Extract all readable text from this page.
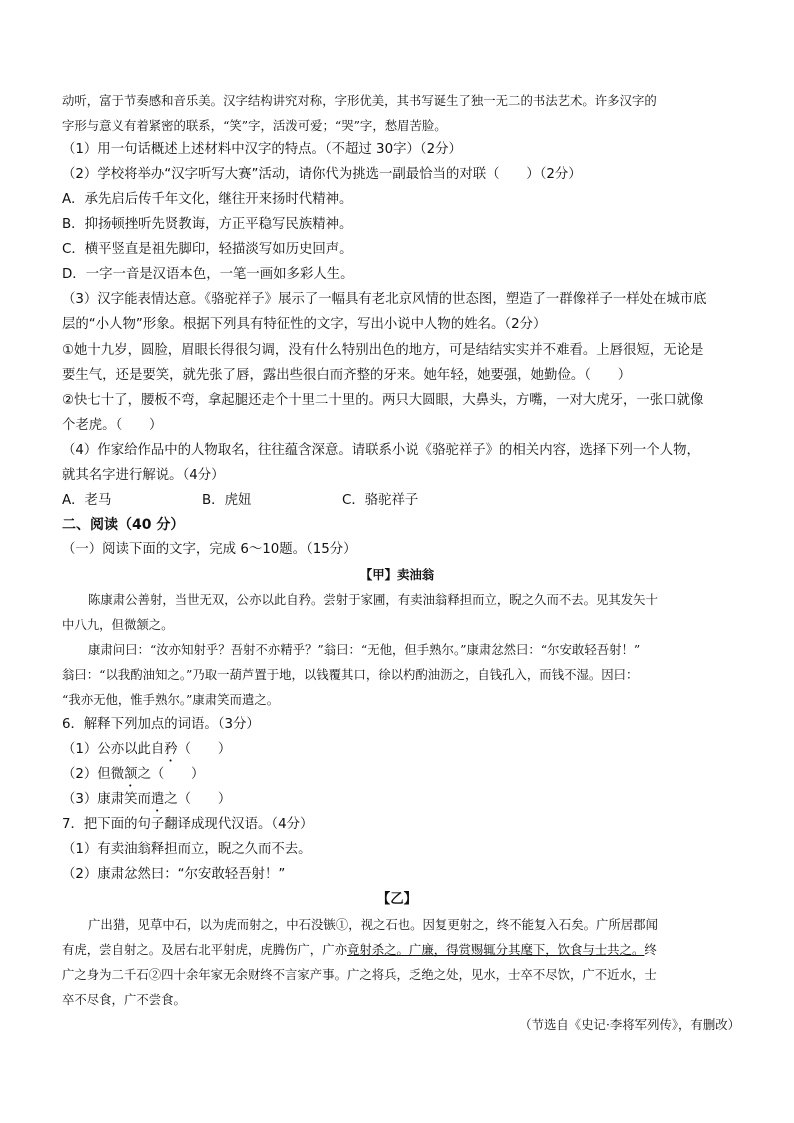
动听，富于节奏感和音乐美。汉字结构讲究对称，字形优美，其书写诞生了独一无二的书法艺术。许多汉字的
字形与意义有着紧密的联系，“笑”字，活泼可爱；“哭”字，愁眉苦脸。
（1）用一句话概述上述材料中汉字的特点。（不超过 30字）（2分）
（2）学校将举办“汉字听写大赛”活动，请你代为挑选一副最恰当的对联（　　）（2分）
A．承先启后传千年文化，继往开来扬时代精神。
B．抑扬顿挫听先贤教诲，方正平稳写民族精神。
C．横平竖直是祖先脚印，轻描淡写如历史回声。
D．一字一音是汉语本色，一笔一画如多彩人生。
（3）汉字能表情达意。《骆驼祥子》展示了一幅具有老北京风情的世态图，塑造了一群像祥子一样处在城市底
层的“小人物”形象。根据下列具有特征性的文字，写出小说中人物的姓名。（2分）
①她十九岁，圆脸，眉眼长得很匀调，没有什么特别出色的地方，可是结结实实并不难看。上唇很短，无论是
要生气，还是要笑，就先张了唇，露出些很白而齐整的牙来。她年轻，她要强，她勤俭。（　　）
②快七十了，腰板不弯，拿起腿还走个十里二十里的。两只大圆眼，大鼻头，方嘴，一对大虎牙，一张口就像
个老虎。（　　）
（4）作家给作品中的人物取名，往往蕴含深意。请联系小说《骆驼祥子》的相关内容，选择下列一个人物，
就其名字进行解说。（4分）
A．老马	B．虎妞	C．骆驼祥子
二、阅读（40 分）
（一）阅读下面的文字，完成 6～10题。（15分）
【甲】卖油翁
陈康肃公善射，当世无双，公亦以此自矜。尝射于家圃，有卖油翁释担而立，睨之久而不去。见其发矢十
中八九，但微颔之。
康肃问曰：“汝亦知射乎？吾射不亦精乎？”翁曰：“无他，但手熟尔。”康肃忿然曰：“尔安敢轻吾射！”
翁曰：“以我酌油知之。”乃取一葫芦置于地，以钱覆其口，徐以杓酌油沥之，自钱孔入，而钱不湿。因曰：
“我亦无他，惟手熟尔。”康肃笑而遣之。
6．解释下列加点的词语。（3分）
（1）公亦以此自矜（　　）
（2）但微颔之（　　）
（3）康肃笑而遣之（　　）
7．把下面的句子翻译成现代汉语。（4分）
（1）有卖油翁释担而立，睨之久而不去。
（2）康肃忿然曰：“尔安敢轻吾射！”
【乙】
广出猎，见草中石，以为虎而射之，中石没镞①，视之石也。因复更射之，终不能复入石矣。广所居郡闻
有虎，尝自射之。及居右北平射虎，虎腾伤广，广亦竟射杀之。广廉，得赏赐辄分其麾下，饮食与士共之。终
广之身为二千石②四十余年家无余财终不言家产事。广之将兵，乏绝之处，见水，士卒不尽饮，广不近水，士
卒不尽食，广不尝食。
（节选自《史记·李将军列传》，有删改）
